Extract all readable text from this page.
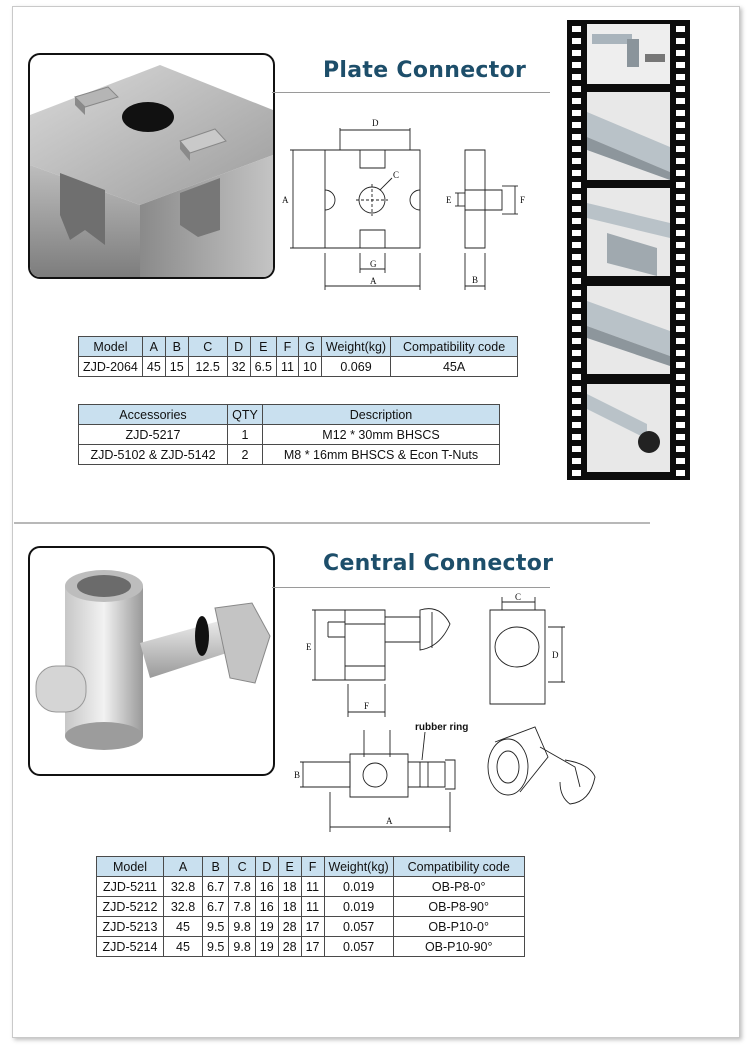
Plate Connector
D
A
A
G
C
E	F
B
Model	A	B	C	D	E	F	G	Weight(kg)	Compatibility code
ZJD-2064	45	15	12.5	32	6.5	11	10	0.069	45A
Accessories	QTY	Description
ZJD-5217	1	M12 * 30mm BHSCS
ZJD-5102 & ZJD-5142	2	M8 * 16mm BHSCS & Econ T-Nuts
Central Connector
E
F
C
D
B
A
rubber ring
Model	A	B	C	D	E	F	Weight(kg)	Compatibility code
ZJD-5211	32.8	6.7	7.8	16	18	11	0.019	OB-P8-0°
ZJD-5212	32.8	6.7	7.8	16	18	11	0.019	OB-P8-90°
ZJD-5213	45	9.5	9.8	19	28	17	0.057	OB-P10-0°
ZJD-5214	45	9.5	9.8	19	28	17	0.057	OB-P10-90°
